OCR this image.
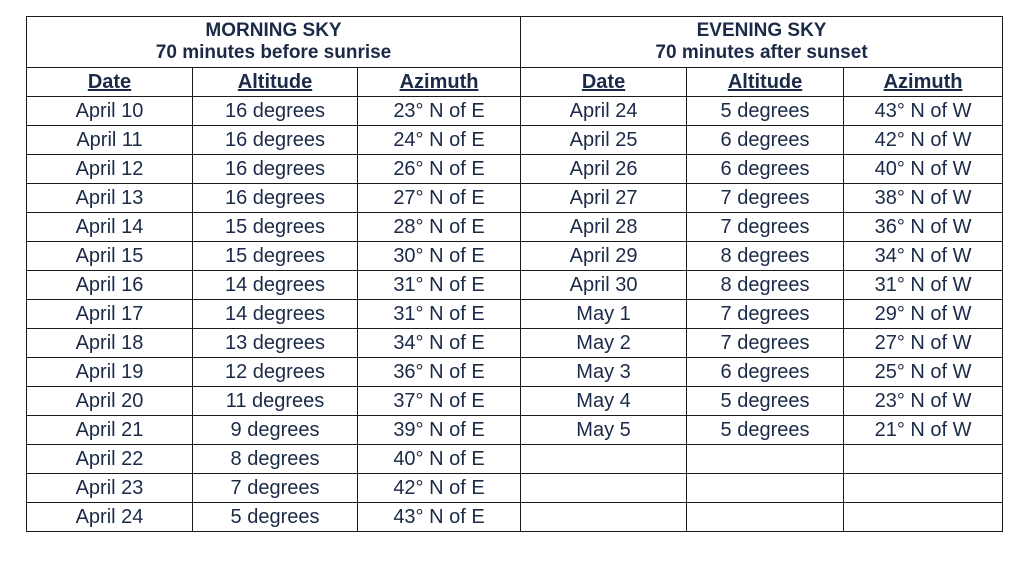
MORNING SKY
70 minutes before sunrise			EVENING SKY
70 minutes after sunset		

Date	Altitude	Azimuth	Date	Altitude	Azimuth
April 10	16 degrees	23° N of E	April 24	5 degrees	43° N of W
April 11	16 degrees	24° N of E	April 25	6 degrees	42° N of W
April 12	16 degrees	26° N of E	April 26	6 degrees	40° N of W
April 13	16 degrees	27° N of E	April 27	7 degrees	38° N of W
April 14	15 degrees	28° N of E	April 28	7 degrees	36° N of W
April 15	15 degrees	30° N of E	April 29	8 degrees	34° N of W
April 16	14 degrees	31° N of E	April 30	8 degrees	31° N of W
April 17	14 degrees	31° N of E	May 1	7 degrees	29° N of W
April 18	13 degrees	34° N of E	May 2	7 degrees	27° N of W
April 19	12 degrees	36° N of E	May 3	6 degrees	25° N of W
April 20	11 degrees	37° N of E	May 4	5 degrees	23° N of W
April 21	9 degrees	39° N of E	May 5	5 degrees	21° N of W
April 22	8 degrees	40° N of E			
April 23	7 degrees	42° N of E			
April 24	5 degrees	43° N of E			
